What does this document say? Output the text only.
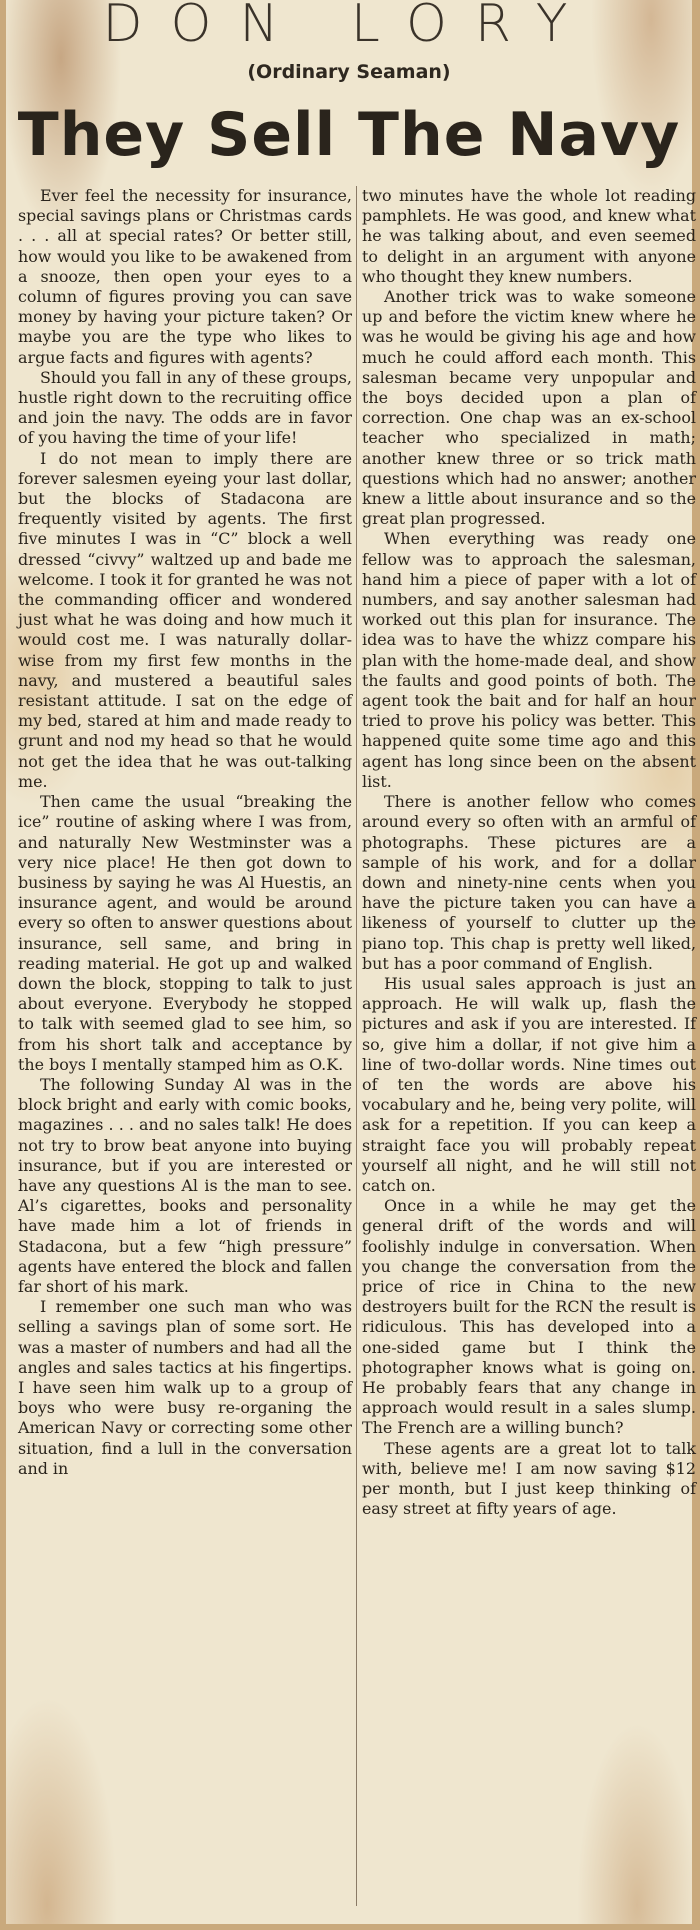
DON LORY
(Ordinary Seaman)
They Sell The Navy

Ever feel the necessity for insurance, special savings plans or Christmas cards . . . all at special rates? Or better still, how would you like to be awakened from a snooze, then open your eyes to a column of figures proving you can save money by having your picture taken? Or maybe you are the type who likes to argue facts and figures with agents?

Should you fall in any of these groups, hustle right down to the recruiting office and join the navy. The odds are in favor of you having the time of your life!

I do not mean to imply there are forever salesmen eyeing your last dollar, but the blocks of Stadacona are frequently visited by agents. The first five minutes I was in “C” block a well dressed “civvy” waltzed up and bade me welcome. I took it for granted he was not the commanding officer and wondered just what he was doing and how much it would cost me. I was naturally dollar-wise from my first few months in the navy, and mustered a beautiful sales resistant attitude. I sat on the edge of my bed, stared at him and made ready to grunt and nod my head so that he would not get the idea that he was out-talking me.

Then came the usual “breaking the ice” routine of asking where I was from, and naturally New Westminster was a very nice place! He then got down to business by saying he was Al Huestis, an insurance agent, and would be around every so often to answer questions about insurance, sell same, and bring in reading material. He got up and walked down the block, stopping to talk to just about everyone. Everybody he stopped to talk with seemed glad to see him, so from his short talk and acceptance by the boys I mentally stamped him as O.K.

The following Sunday Al was in the block bright and early with comic books, magazines . . . and no sales talk! He does not try to brow beat anyone into buying insurance, but if you are interested or have any questions Al is the man to see. Al’s cigarettes, books and personality have made him a lot of friends in Stadacona, but a few “high pressure” agents have entered the block and fallen far short of his mark.

I remember one such man who was selling a savings plan of some sort. He was a master of numbers and had all the angles and sales tactics at his fingertips. I have seen him walk up to a group of boys who were busy re-organing the American Navy or correcting some other situation, find a lull in the conversation and in

two minutes have the whole lot reading pamphlets. He was good, and knew what he was talking about, and even seemed to delight in an argument with anyone who thought they knew numbers.

Another trick was to wake someone up and before the victim knew where he was he would be giving his age and how much he could afford each month. This salesman became very unpopular and the boys decided upon a plan of correction. One chap was an ex-school teacher who specialized in math; another knew three or so trick math questions which had no answer; another knew a little about insurance and so the great plan progressed.

When everything was ready one fellow was to approach the salesman, hand him a piece of paper with a lot of numbers, and say another salesman had worked out this plan for insurance. The idea was to have the whizz compare his plan with the home-made deal, and show the faults and good points of both. The agent took the bait and for half an hour tried to prove his policy was better. This happened quite some time ago and this agent has long since been on the absent list.

There is another fellow who comes around every so often with an armful of photographs. These pictures are a sample of his work, and for a dollar down and ninety-nine cents when you have the picture taken you can have a likeness of yourself to clutter up the piano top. This chap is pretty well liked, but has a poor command of English.

His usual sales approach is just an approach. He will walk up, flash the pictures and ask if you are interested. If so, give him a dollar, if not give him a line of two-dollar words. Nine times out of ten the words are above his vocabulary and he, being very polite, will ask for a repetition. If you can keep a straight face you will probably repeat yourself all night, and he will still not catch on.

Once in a while he may get the general drift of the words and will foolishly indulge in conversation. When you change the conversation from the price of rice in China to the new destroyers built for the RCN the result is ridiculous. This has developed into a one-sided game but I think the photographer knows what is going on. He probably fears that any change in approach would result in a sales slump. The French are a willing bunch?

These agents are a great lot to talk with, believe me! I am now saving $12 per month, but I just keep thinking of easy street at fifty years of age.
